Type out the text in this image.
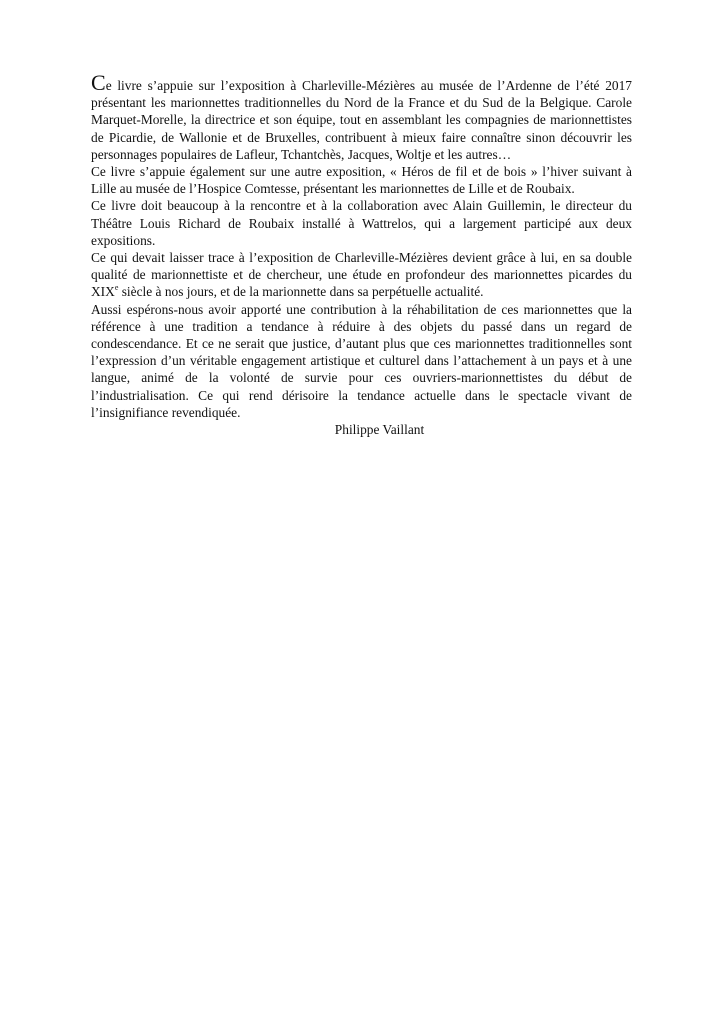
Ce livre s’appuie sur l’exposition à Charleville-Mézières au musée de l’Ardenne de l’été 2017 présentant les marionnettes traditionnelles du Nord de la France et du Sud de la Belgique. Carole Marquet-Morelle, la directrice et son équipe, tout en assemblant les compagnies de marionnettistes de Picardie, de Wallonie et de Bruxelles, contribuent à mieux faire connaître sinon découvrir les personnages populaires de Lafleur, Tchantchès, Jacques, Woltje et les autres…

Ce livre s’appuie également sur une autre exposition, « Héros de fil et de bois » l’hiver suivant à Lille au musée de l’Hospice Comtesse, présentant les marionnettes de Lille et de Roubaix.

Ce livre doit beaucoup à la rencontre et à la collaboration avec Alain Guillemin, le directeur du Théâtre Louis Richard de Roubaix installé à Wattrelos, qui a largement participé aux deux expositions.

Ce qui devait laisser trace à l’exposition de Charleville-Mézières devient grâce à lui, en sa double qualité de marionnettiste et de chercheur, une étude en profondeur des marionnettes picardes du XIXe siècle à nos jours, et de la marionnette dans sa perpétuelle actualité.

Aussi espérons-nous avoir apporté une contribution à la réhabilitation de ces marionnettes que la référence à une tradition a tendance à réduire à des objets du passé dans un regard de condescendance. Et ce ne serait que justice, d’autant plus que ces marionnettes traditionnelles sont l’expression d’un véritable engagement artistique et culturel dans l’attachement à un pays et à une langue, animé de la volonté de survie pour ces ouvriers-marionnettistes du début de l’industrialisation. Ce qui rend dérisoire la tendance actuelle dans le spectacle vivant de l’insignifiance revendiquée.

Philippe Vaillant
